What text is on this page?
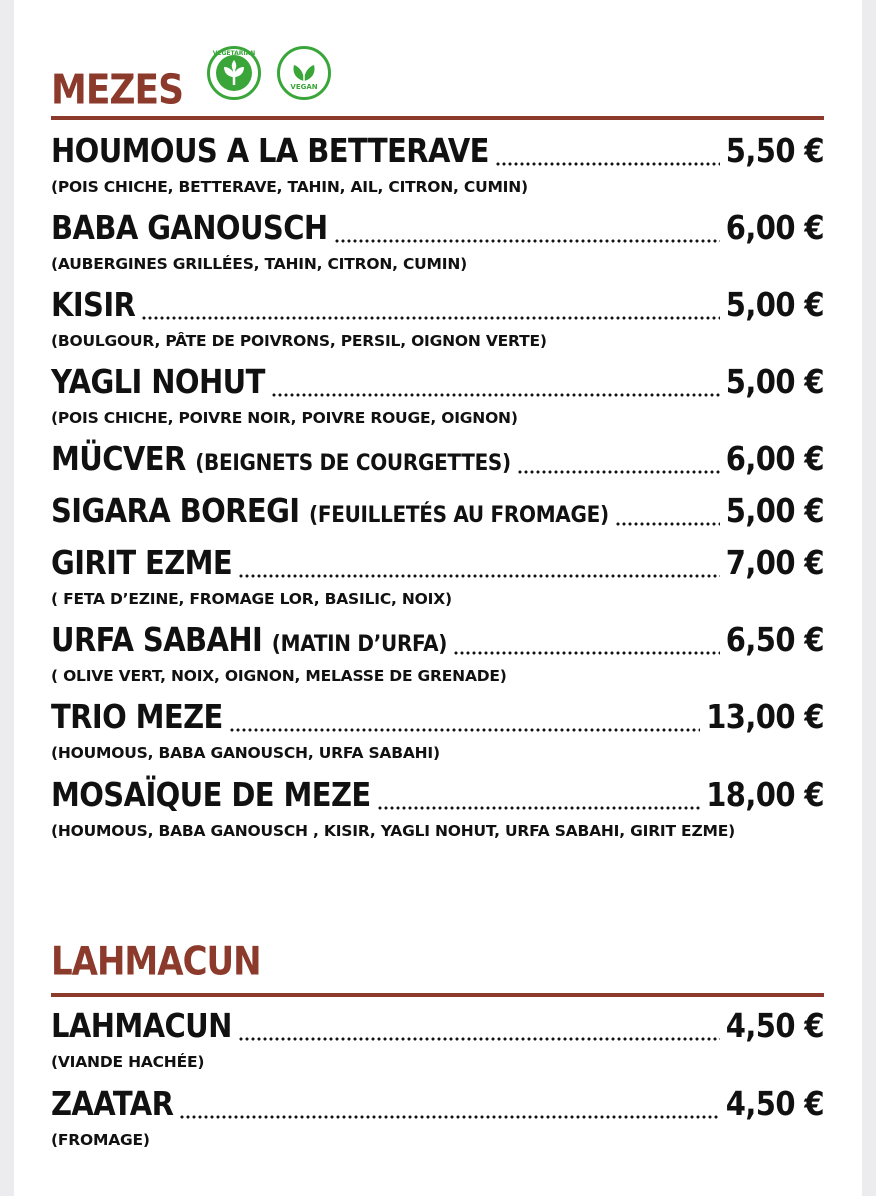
MEZES
VEGETARIAN
VEGAN
HOUMOUS A LA BETTERAVE	5,50 €
(POIS CHICHE, BETTERAVE, TAHIN, AIL, CITRON, CUMIN)
BABA GANOUSCH	6,00 €
(AUBERGINES GRILLÉES, TAHIN, CITRON, CUMIN)
KISIR	5,00 €
(BOULGOUR, PÂTE DE POIVRONS, PERSIL, OIGNON VERTE)
YAGLI NOHUT	5,00 €
(POIS CHICHE, POIVRE NOIR, POIVRE ROUGE, OIGNON)
MÜCVER (BEIGNETS DE COURGETTES)	6,00 €
SIGARA BOREGI (FEUILLETÉS AU FROMAGE)	5,00 €
GIRIT EZME	7,00 €
( FETA D’EZINE, FROMAGE LOR, BASILIC, NOIX)
URFA SABAHI (MATIN D’URFA)	6,50 €
( OLIVE VERT, NOIX, OIGNON, MELASSE DE GRENADE)
TRIO MEZE	13,00 €
(HOUMOUS, BABA GANOUSCH, URFA SABAHI)
MOSAÏQUE DE MEZE	18,00 €
(HOUMOUS, BABA GANOUSCH , KISIR, YAGLI NOHUT, URFA SABAHI, GIRIT EZME)
LAHMACUN
LAHMACUN	4,50 €
(VIANDE HACHÉE)
ZAATAR	4,50 €
(FROMAGE)
